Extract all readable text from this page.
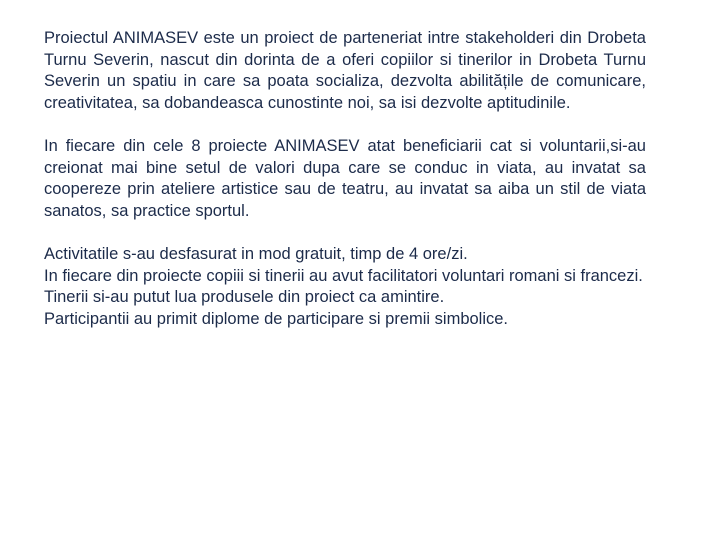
Proiectul ANIMASEV este un proiect de parteneriat intre stakeholderi din Drobeta Turnu Severin, nascut din dorinta de a oferi copiilor si tinerilor in Drobeta Turnu Severin un spatiu in care sa poata socializa, dezvolta abilitățile de comunicare, creativitatea, sa dobandeasca cunostinte noi, sa isi dezvolte aptitudinile.

In fiecare din cele 8 proiecte ANIMASEV atat beneficiarii cat si voluntarii,si-au creionat mai bine setul de valori dupa care se conduc in viata, au invatat sa coopereze prin ateliere artistice sau de teatru, au invatat sa aiba un stil de viata sanatos, sa practice sportul.

Activitatile s-au desfasurat in mod gratuit, timp de 4 ore/zi.

In fiecare din proiecte copiii si tinerii au avut facilitatori voluntari romani si francezi.

Tinerii si-au putut lua produsele din proiect ca amintire.

Participantii au primit diplome de participare si premii simbolice.
